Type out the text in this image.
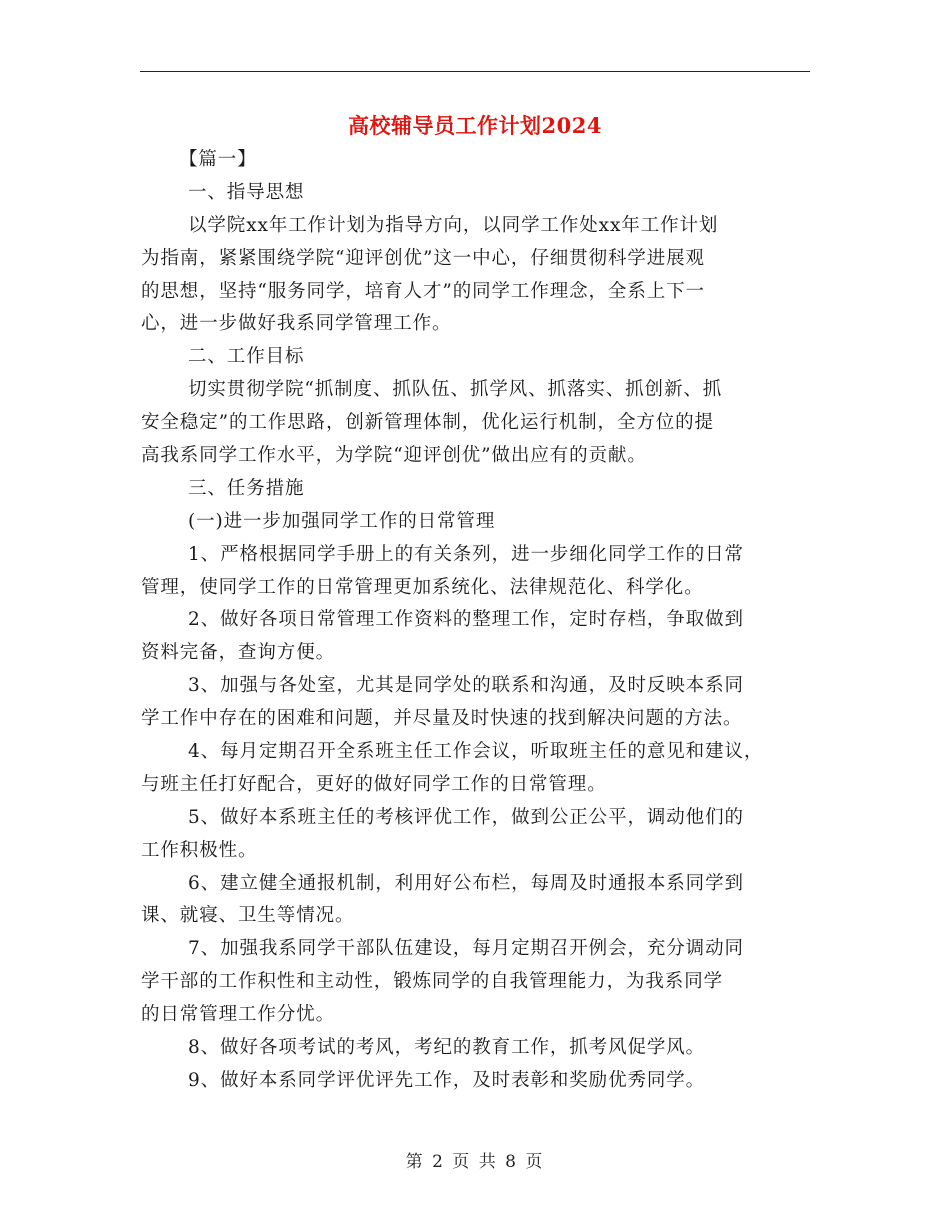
高校辅导员工作计划2024
【篇一】
一、指导思想
以学院xx年工作计划为指导方向，以同学工作处xx年工作计划
为指南，紧紧围绕学院“迎评创优”这一中心，仔细贯彻科学进展观
的思想，坚持“服务同学，培育人才”的同学工作理念，全系上下一
心，进一步做好我系同学管理工作。
二、工作目标
切实贯彻学院“抓制度、抓队伍、抓学风、抓落实、抓创新、抓
安全稳定”的工作思路，创新管理体制，优化运行机制，全方位的提
高我系同学工作水平，为学院“迎评创优”做出应有的贡献。
三、任务措施
(一)进一步加强同学工作的日常管理
1、严格根据同学手册上的有关条列，进一步细化同学工作的日常
管理，使同学工作的日常管理更加系统化、法律规范化、科学化。
2、做好各项日常管理工作资料的整理工作，定时存档，争取做到
资料完备，查询方便。
3、加强与各处室，尤其是同学处的联系和沟通，及时反映本系同
学工作中存在的困难和问题，并尽量及时快速的找到解决问题的方法。
4、每月定期召开全系班主任工作会议，听取班主任的意见和建议，
与班主任打好配合，更好的做好同学工作的日常管理。
5、做好本系班主任的考核评优工作，做到公正公平，调动他们的
工作积极性。
6、建立健全通报机制，利用好公布栏，每周及时通报本系同学到
课、就寝、卫生等情况。
7、加强我系同学干部队伍建设，每月定期召开例会，充分调动同
学干部的工作积性和主动性，锻炼同学的自我管理能力，为我系同学
的日常管理工作分忧。
8、做好各项考试的考风，考纪的教育工作，抓考风促学风。
9、做好本系同学评优评先工作，及时表彰和奖励优秀同学。
第 2 页 共 8 页
